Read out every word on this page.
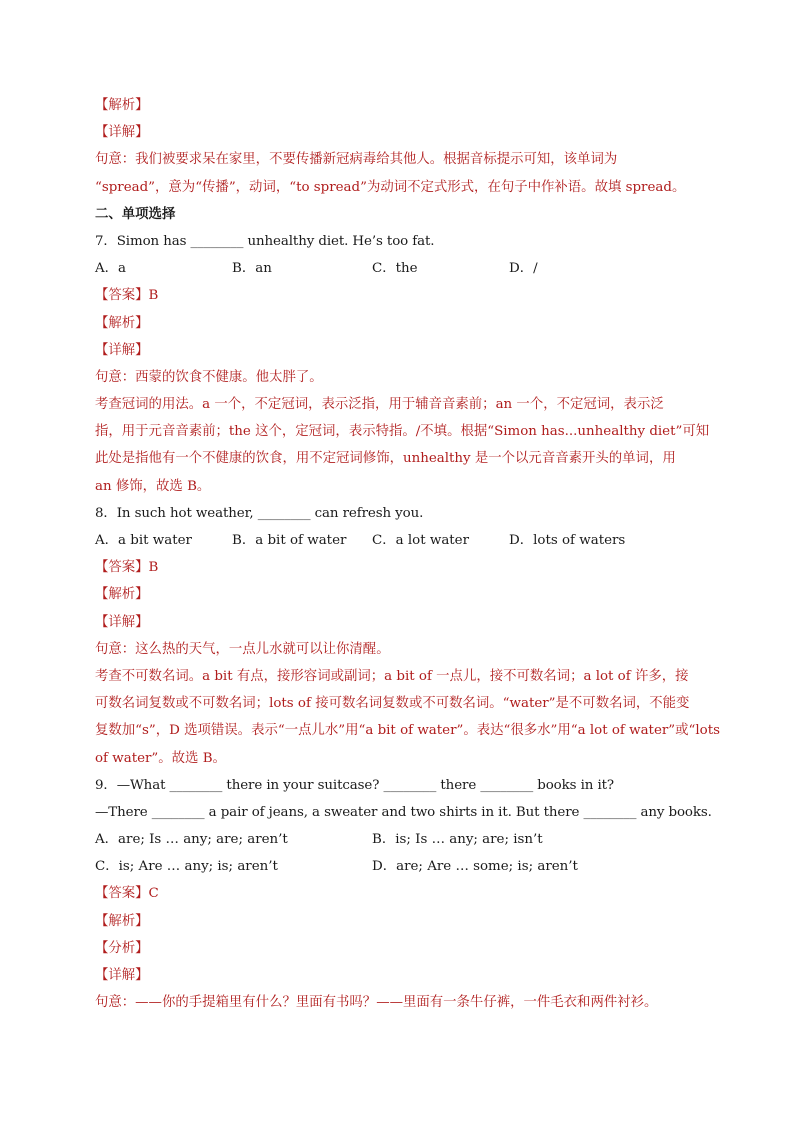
【解析】
【详解】
句意：我们被要求呆在家里，不要传播新冠病毒给其他人。根据音标提示可知，该单词为
“spread”，意为“传播”，动词，“to spread”为动词不定式形式，在句子中作补语。故填 spread。
二、单项选择
7．Simon has ________ unhealthy diet. He’s too fat.
A．a	B．an	C．the	D．/
【答案】B
【解析】
【详解】
句意：西蒙的饮食不健康。他太胖了。
考查冠词的用法。a 一个，不定冠词，表示泛指，用于辅音音素前；an 一个，不定冠词，表示泛
指，用于元音音素前；the 这个，定冠词，表示特指。/不填。根据“Simon has...unhealthy diet”可知
此处是指他有一个不健康的饮食，用不定冠词修饰，unhealthy 是一个以元音音素开头的单词，用
an 修饰，故选 B。
8．In such hot weather, ________ can refresh you.
A．a bit water	B．a bit of water C．a lot water	D．lots of waters
【答案】B
【解析】
【详解】
句意：这么热的天气，一点儿水就可以让你清醒。
考查不可数名词。a bit 有点，接形容词或副词；a bit of 一点儿，接不可数名词；a lot of 许多，接
可数名词复数或不可数名词；lots of 接可数名词复数或不可数名词。“water”是不可数名词，不能变
复数加“s”，D 选项错误。表示“一点儿水”用“a bit of water”。表达“很多水”用“a lot of water”或“lots
of water”。故选 B。
9．—What ________ there in your suitcase? ________ there ________ books in it?
—There ________ a pair of jeans, a sweater and two shirts in it. But there ________ any books.
A．are; Is … any; are; aren’t	B．is; Is … any; are; isn’t
C．is; Are … any; is; aren’t	D．are; Are … some; is; aren’t
【答案】C
【解析】
【分析】
【详解】
句意：——你的手提箱里有什么？里面有书吗？——里面有一条牛仔裤，一件毛衣和两件衬衫。
